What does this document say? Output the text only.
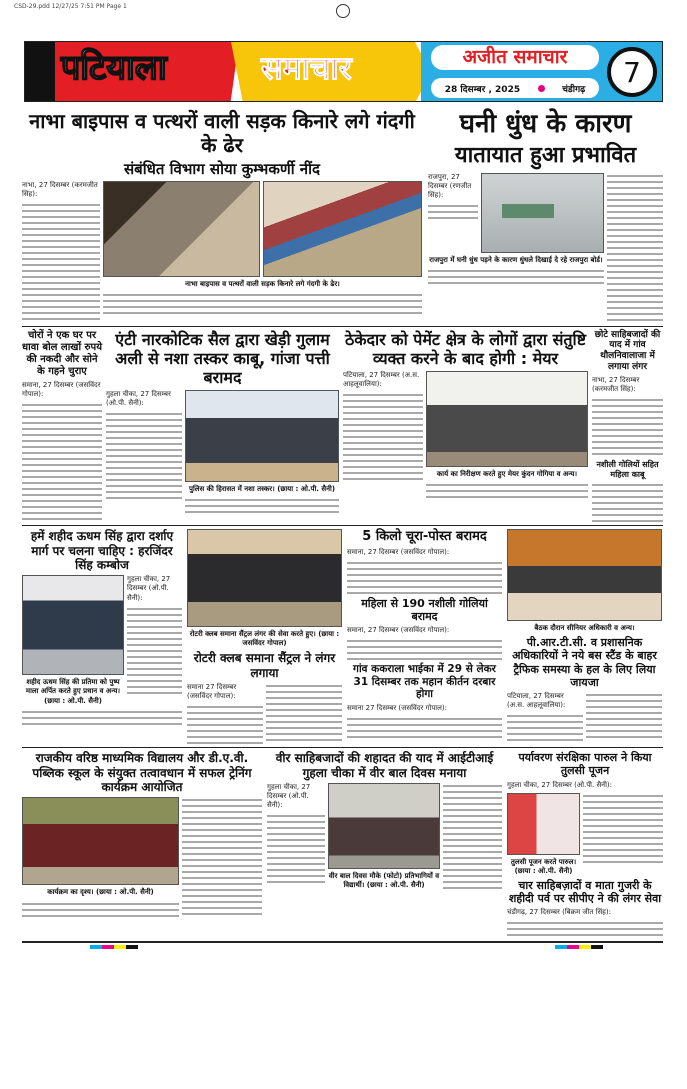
CSD-29.pdd 12/27/25 7:51 PM Page 1
पटियाला	समाचार	अजीत समाचार
28 दिसम्बर , 2025	चंडीगढ़
7
नाभा बाइपास व पत्थरों वाली सड़क किनारे लगे गंदगी के ढेर
संबंधित विभाग सोया कुम्भकर्णी नींद
नाभा, 27 दिसम्बर (करमजीत सिंह):
नाभा बाइपास व पत्थरों वाली सड़क किनारे लगे गंदगी के ढेर।
घनी धुंध के कारण
यातायात हुआ प्रभावित
राजपुरा, 27 दिसम्बर (रणजीत सिंह):
राजपुरा में घनी धुंध पड़ने के कारण धुंधले दिखाई दे रहे राजपुरा बोर्ड।
चोरों ने एक घर पर धावा बोल लाखों रुपये की नकदी और सोने के गहने चुराए
समाना, 27 दिसम्बर (जसविंदर गोपाल):
एंटी नारकोटिक सैल द्वारा खेड़ी गुलाम अली से नशा तस्कर काबू, गांजा पत्ती बरामद
गुहला चीका, 27 दिसम्बर (ओ.पी. सैनी):
पुलिस की हिरासत में नशा तस्कर। (छाया : ओ.पी. सैनी)
ठेकेदार को पेमेंट क्षेत्र के लोगों द्वारा संतुष्टि व्यक्त करने के बाद होगी : मेयर
पटियाला, 27 दिसम्बर (अ.स. आहलूवालिया):
कार्य का निरीक्षण करते हुए मेयर कुंदन गोगिया व अन्य।
छोटे साहिबजादों की याद में गांव थौलनिवालाजा में लगाया लंगर
नाभा, 27 दिसम्बर (करमजीत सिंह):
नशीली गोलियों सहित महिला काबू
हमें शहीद ऊधम सिंह द्वारा दर्शाए मार्ग पर चलना चाहिए : हरजिंदर सिंह कम्बोज
शहीद ऊधम सिंह की प्रतिमा को पुष्प माला अर्पित करते हुए प्रधान व अन्य। (छाया : ओ.पी. सैनी)
गुहला चीका, 27 दिसम्बर (ओ.पी. सैनी):
रोटरी क्लब समाना सैंट्रल लंगर की सेवा करते हुए। (छाया : जसविंदर गोपाल)
रोटरी क्लब समाना सैंट्रल ने लंगर लगाया
समाना 27 दिसम्बर (जसविंदर गोपाल):
5 किलो चूरा-पोस्त बरामद
समाना, 27 दिसम्बर (जसविंदर गोपाल):
महिला से 190 नशीली गोलियां बरामद
समाना, 27 दिसम्बर (जसविंदर गोपाल):
गांव ककराला भाईका में 29 से लेकर 31 दिसम्बर तक महान कीर्तन दरबार होगा
समाना 27 दिसम्बर (जसविंदर गोपाल):
बैठक दौरान सीनियर अधिकारी व अन्य।
पी.आर.टी.सी. व प्रशासनिक अधिकारियों ने नये बस स्टैंड के बाहर ट्रैफिक समस्या के हल के लिए लिया जायजा
पटियाला, 27 दिसम्बर (अ.स. आहलूवालिया):
राजकीय वरिष्ठ माध्यमिक विद्यालय और डी.ए.वी. पब्लिक स्कूल के संयुक्त तत्वावधान में सफल ट्रेनिंग कार्यक्रम आयोजित
कार्यक्रम का दृश्य। (छाया : ओ.पी. सैनी)
वीर साहिबजादों की शहादत की याद में आईटीआई गुहला चीका में वीर बाल दिवस मनाया
गुहला चीका, 27 दिसम्बर (ओ.पी. सैनी):
वीर बाल दिवस मौके (फोटो) प्रतिभागियों व विद्यार्थी। (छाया : ओ.पी. सैनी)
पर्यावरण संरक्षिका पारुल ने किया तुलसी पूजन
गुहला चीका, 27 दिसम्बर (ओ.पी. सैनी):
तुलसी पूजन करते पारुल। (छाया : ओ.पी. सैनी)
चार साहिबज़ादों व माता गुजरी के शहीदी पर्व पर सीपीए ने की लंगर सेवा
चंडीगढ़, 27 दिसम्बर (बिक्रम जीत सिंह):
